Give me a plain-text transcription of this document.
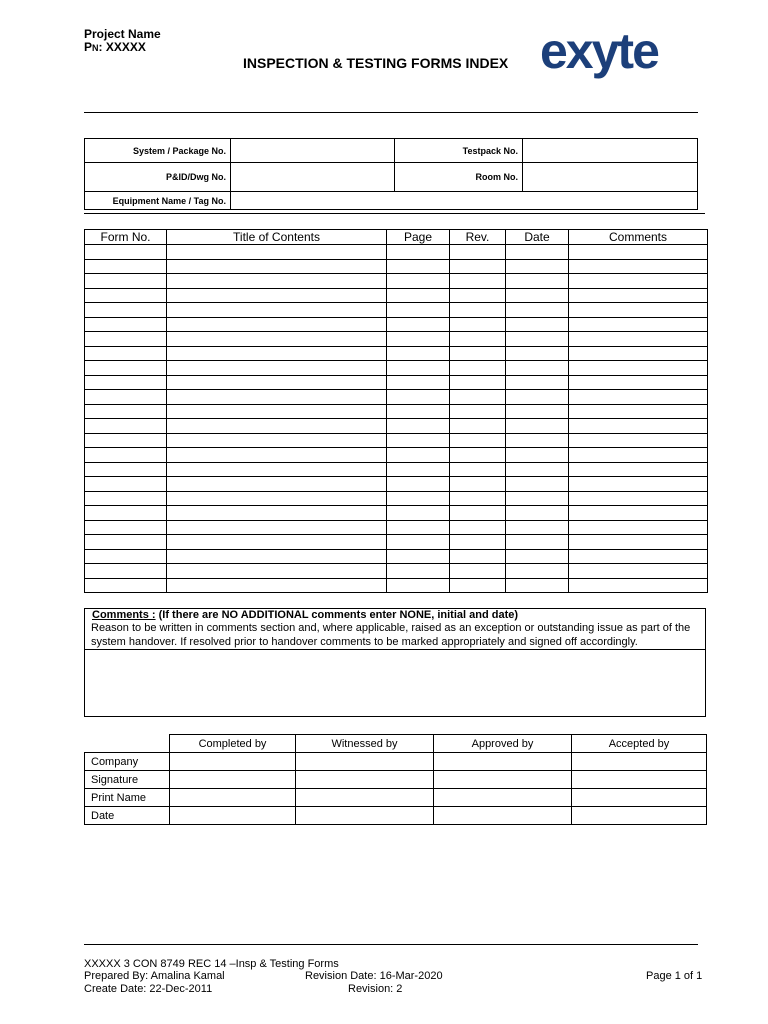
Project Name
PN: XXXXX
INSPECTION & TESTING FORMS INDEX exyte
System / Package No.		Testpack No.	
P&ID/Dwg No.		Room No.	
Equipment Name / Tag No.			
Form No.	Title of Contents	Page	Rev.	Date	Comments

Comments : (If there are NO ADDITIONAL comments enter NONE, initial and date)
Reason to be written in comments section and, where applicable, raised as an exception or outstanding issue as part of the system handover. If resolved prior to handover comments to be marked appropriately and signed off accordingly.
	Completed by	Witnessed by	Approved by	Accepted by
Company				
Signature				
Print Name				
Date				
XXXXX 3 CON 8749 REC 14 –Insp & Testing Forms
Prepared By: Amalina Kamal	Revision Date: 16-Mar-2020	Page 1 of 1
Create Date: 22-Dec-2011	Revision: 2
